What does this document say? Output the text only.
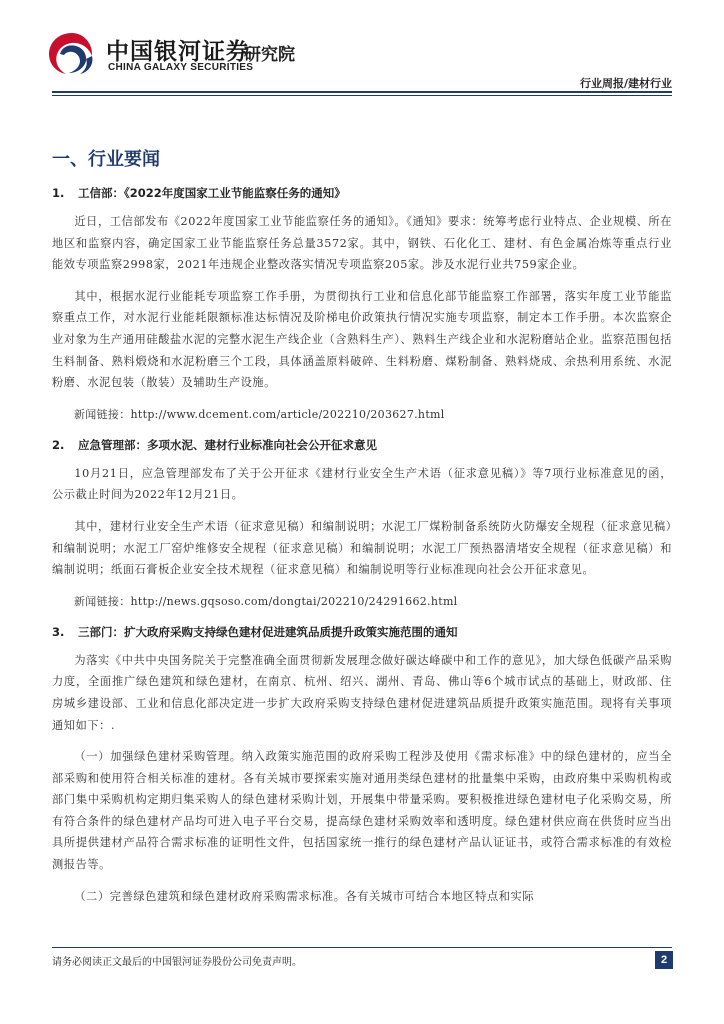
中国银河证券
CHINA GALAXY SECURITIES
研究院
行业周报/建材行业
一、行业要闻
1. 工信部：《2022年度国家工业节能监察任务的通知》

近日，工信部发布《2022年度国家工业节能监察任务的通知》。《通知》要求：统筹考虑行业特点、企业规模、所在地区和监察内容，确定国家工业节能监察任务总量3572家。其中，钢铁、石化化工、建材、有色金属冶炼等重点行业能效专项监察2998家，2021年违规企业整改落实情况专项监察205家。涉及水泥行业共759家企业。

其中，根据水泥行业能耗专项监察工作手册，为贯彻执行工业和信息化部节能监察工作部署，落实年度工业节能监察重点工作，对水泥行业能耗限额标准达标情况及阶梯电价政策执行情况实施专项监察，制定本工作手册。本次监察企业对象为生产通用硅酸盐水泥的完整水泥生产线企业（含熟料生产）、熟料生产线企业和水泥粉磨站企业。监察范围包括生料制备、熟料煅烧和水泥粉磨三个工段，具体涵盖原料破碎、生料粉磨、煤粉制备、熟料烧成、余热利用系统、水泥粉磨、水泥包装（散装）及辅助生产设施。

新闻链接：http://www.dcement.com/article/202210/203627.html

2. 应急管理部：多项水泥、建材行业标准向社会公开征求意见

10月21日，应急管理部发布了关于公开征求《建材行业安全生产术语（征求意见稿）》等7项行业标准意见的函，公示截止时间为2022年12月21日。

其中，建材行业安全生产术语（征求意见稿）和编制说明；水泥工厂煤粉制备系统防火防爆安全规程（征求意见稿）和编制说明；水泥工厂窑炉维修安全规程（征求意见稿）和编制说明；水泥工厂预热器清堵安全规程（征求意见稿）和编制说明；纸面石膏板企业安全技术规程（征求意见稿）和编制说明等行业标准现向社会公开征求意见。

新闻链接：http://news.gqsoso.com/dongtai/202210/24291662.html

3. 三部门：扩大政府采购支持绿色建材促进建筑品质提升政策实施范围的通知

为落实《中共中央国务院关于完整准确全面贯彻新发展理念做好碳达峰碳中和工作的意见》，加大绿色低碳产品采购力度，全面推广绿色建筑和绿色建材，在南京、杭州、绍兴、湖州、青岛、佛山等6个城市试点的基础上，财政部、住房城乡建设部、工业和信息化部决定进一步扩大政府采购支持绿色建材促进建筑品质提升政策实施范围。现将有关事项通知如下：.

（一）加强绿色建材采购管理。纳入政策实施范围的政府采购工程涉及使用《需求标准》中的绿色建材的，应当全部采购和使用符合相关标准的建材。各有关城市要探索实施对通用类绿色建材的批量集中采购，由政府集中采购机构或部门集中采购机构定期归集采购人的绿色建材采购计划，开展集中带量采购。要积极推进绿色建材电子化采购交易，所有符合条件的绿色建材产品均可进入电子平台交易，提高绿色建材采购效率和透明度。绿色建材供应商在供货时应当出具所提供建材产品符合需求标准的证明性文件，包括国家统一推行的绿色建材产品认证证书，或符合需求标准的有效检测报告等。

（二）完善绿色建筑和绿色建材政府采购需求标准。各有关城市可结合本地区特点和实际

请务必阅读正文最后的中国银河证券股份公司免责声明。	2
